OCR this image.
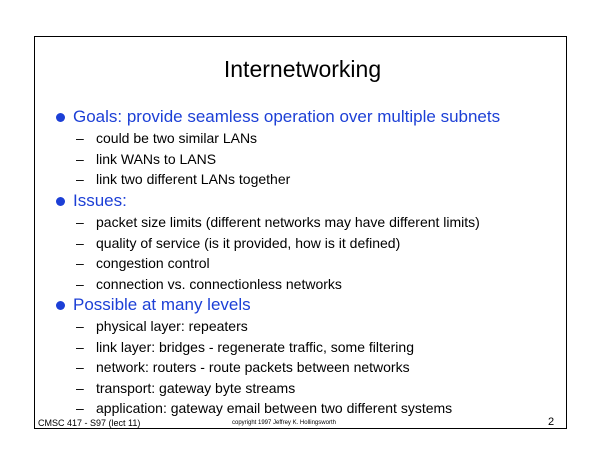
Internetworking
Goals: provide seamless operation over multiple subnets
– could be two similar LANs
– link WANs to LANS
– link two different LANs together
Issues:
– packet size limits (different networks may have different limits)
– quality of service (is it provided, how is it defined)
– congestion control
– connection vs. connectionless networks
Possible at many levels
– physical layer: repeaters
– link layer: bridges - regenerate traffic, some filtering
– network: routers - route packets between networks
– transport: gateway byte streams
– application: gateway email between two different systems
CMSC 417 - S97 (lect 11)	copyright 1997 Jeffrey K. Hollingsworth	2
